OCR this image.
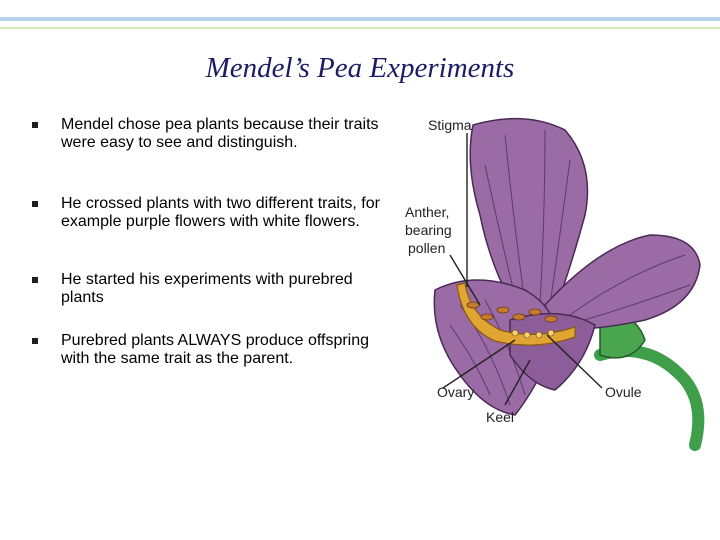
Mendel’s Pea Experiments
Mendel chose pea plants because their traits were easy to see and distinguish.
He crossed plants with two different traits, for example purple flowers with white flowers.
He started his experiments with purebred plants
Purebred plants ALWAYS produce offspring with the same trait as the parent.
Stigma
Anther,
bearing
pollen
Ovary	Ovule
Keel
